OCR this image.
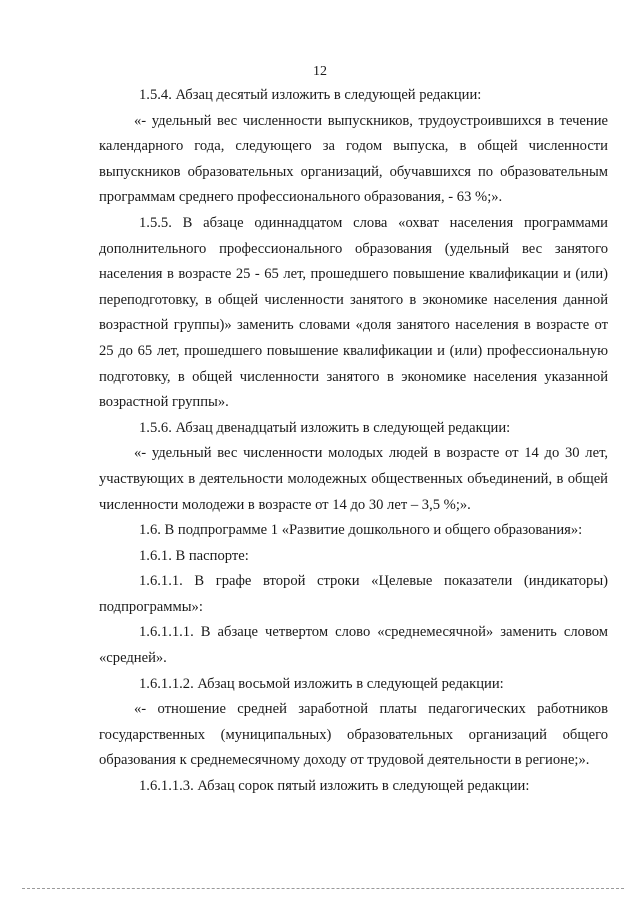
12

1.5.4. Абзац десятый изложить в следующей редакции:

«- удельный вес численности выпускников, трудоустроившихся в течение календарного года, следующего за годом выпуска, в общей численности выпускников образовательных организаций, обучавшихся по образовательным программам среднего профессионального образования, - 63 %;».

1.5.5. В абзаце одиннадцатом слова «охват населения программами дополнительного профессионального образования (удельный вес занятого населения в возрасте 25 - 65 лет, прошедшего повышение квалификации и (или) переподготовку, в общей численности занятого в экономике населения данной возрастной группы)» заменить словами «доля занятого населения в возрасте от 25 до 65 лет, прошедшего повышение квалификации и (или) профессиональную подготовку, в общей численности занятого в экономике населения указанной возрастной группы».

1.5.6. Абзац двенадцатый изложить в следующей редакции:

«- удельный вес численности молодых людей в возрасте от 14 до 30 лет, участвующих в деятельности молодежных общественных объединений, в общей численности молодежи в возрасте от 14 до 30 лет – 3,5 %;».

1.6. В подпрограмме 1 «Развитие дошкольного и общего образования»:

1.6.1. В паспорте:

1.6.1.1. В графе второй строки «Целевые показатели (индикаторы) подпрограммы»:

1.6.1.1.1. В абзаце четвертом слово «среднемесячной» заменить словом «средней».

1.6.1.1.2. Абзац восьмой изложить в следующей редакции:

«- отношение средней заработной платы педагогических работников государственных (муниципальных) образовательных организаций общего образования к среднемесячному доходу от трудовой деятельности в регионе;».

1.6.1.1.3. Абзац сорок пятый изложить в следующей редакции:
